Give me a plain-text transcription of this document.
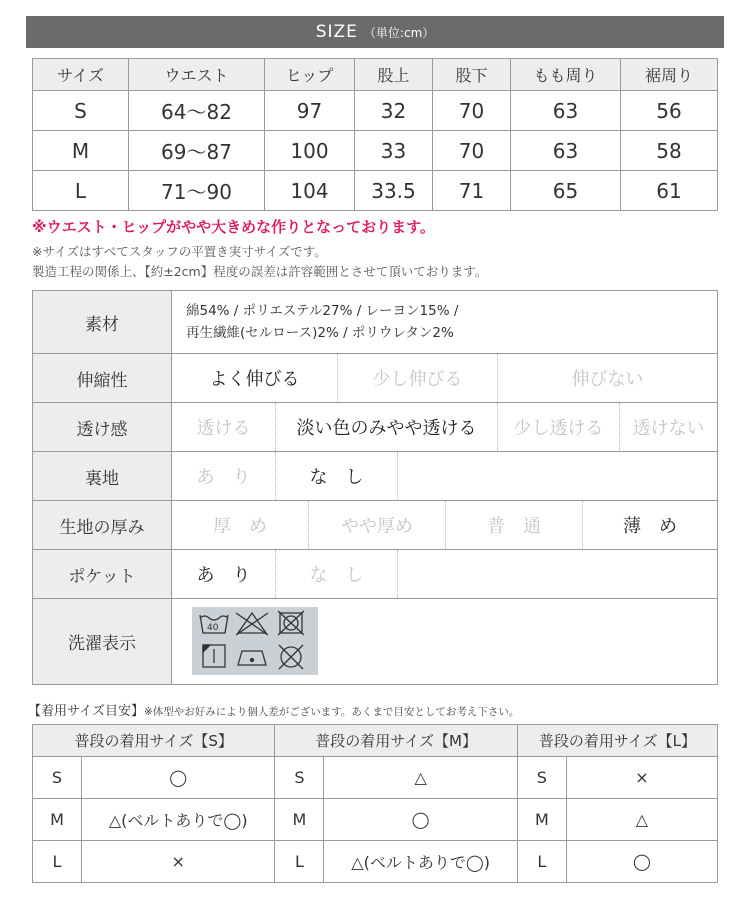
SIZE （単位:cm）
サイズ	ウエスト	ヒップ	股上	股下	もも周り	裾周り
S	64〜82	97	32	70	63	56
M	69〜87	100	33	70	63	58
L	71〜90	104	33.5	71	65	61
※ウエスト・ヒップがやや大きめな作りとなっております。
※サイズはすべてスタッフの平置き実寸サイズです。
製造工程の関係上、【約±2cm】程度の誤差は許容範囲とさせて頂いております。
素材
綿54% / ポリエステル27% / レーヨン15% /
再生繊維(セルロース)2% / ポリウレタン2%
伸縮性	よく伸びる	少し伸びる	伸びない
透け感	透ける	淡い色のみやや透ける	少し透ける	透けない
裏地	あ　り	な　し
生地の厚み	厚　め	やや厚め	普　通	薄　め
ポケット	あ　り	な　し
洗濯表示
40
【着用サイズ目安】※体型やお好みにより個人差がございます。あくまで目安としてお考え下さい。
普段の着用サイズ【S】		普段の着用サイズ【M】		普段の着用サイズ【L】	
S	◯	S	△	S	×
M	△(ベルトありで◯)	M	◯	M	△
L	×	L	△(ベルトありで◯)	L	◯
